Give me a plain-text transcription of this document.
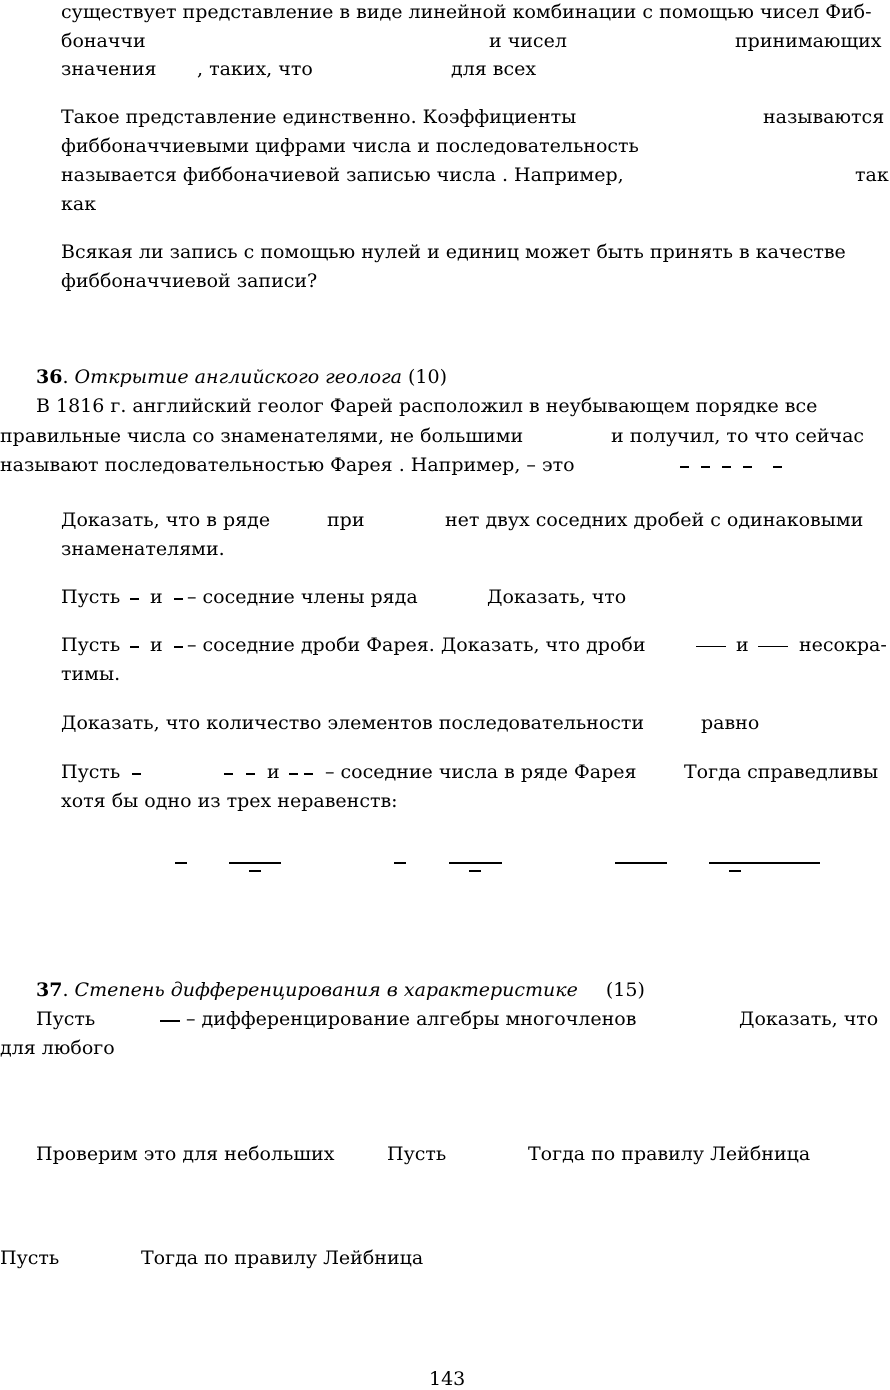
существует представление в виде линейной комбинации с помощью чисел Фиб-
боначчи	и чисел	принимающих
значения , таких, что	для всех
Такое представление единственно. Коэффициенты	называются
фиббоначчиевыми цифрами числа и последовательность
называется фиббоначиевой записью числа . Например,	так
как
Всякая ли запись с помощью нулей и единиц может быть принять в качестве
фиббоначчиевой записи?
36. Открытие английского геолога (10)
В 1816 г. английский геолог Фарей расположил в неубывающем порядке все
правильные числа со знаменателями, не большими	и получил, то что сейчас
называют последовательностью Фарея . Например, – это
Доказать, что в ряде	при	нет двух соседних дробей с одинаковыми
знаменателями.
Пусть и – соседние члены ряда	Доказать, что
Пусть и – соседние дроби Фарея. Доказать, что дроби	и	несокра-
тимы.
Доказать, что количество элементов последовательности	равно
Пусть	и – соседние числа в ряде Фарея	Тогда справедливы
хотя бы одно из трех неравенств:
37. Степень дифференцирования в характеристике (15)
Пусть	– дифференцирование алгебры многочленов	Доказать, что
для любого
Проверим это для небольших	Пусть	Тогда по правилу Лейбница
Пусть	Тогда по правилу Лейбница
143
